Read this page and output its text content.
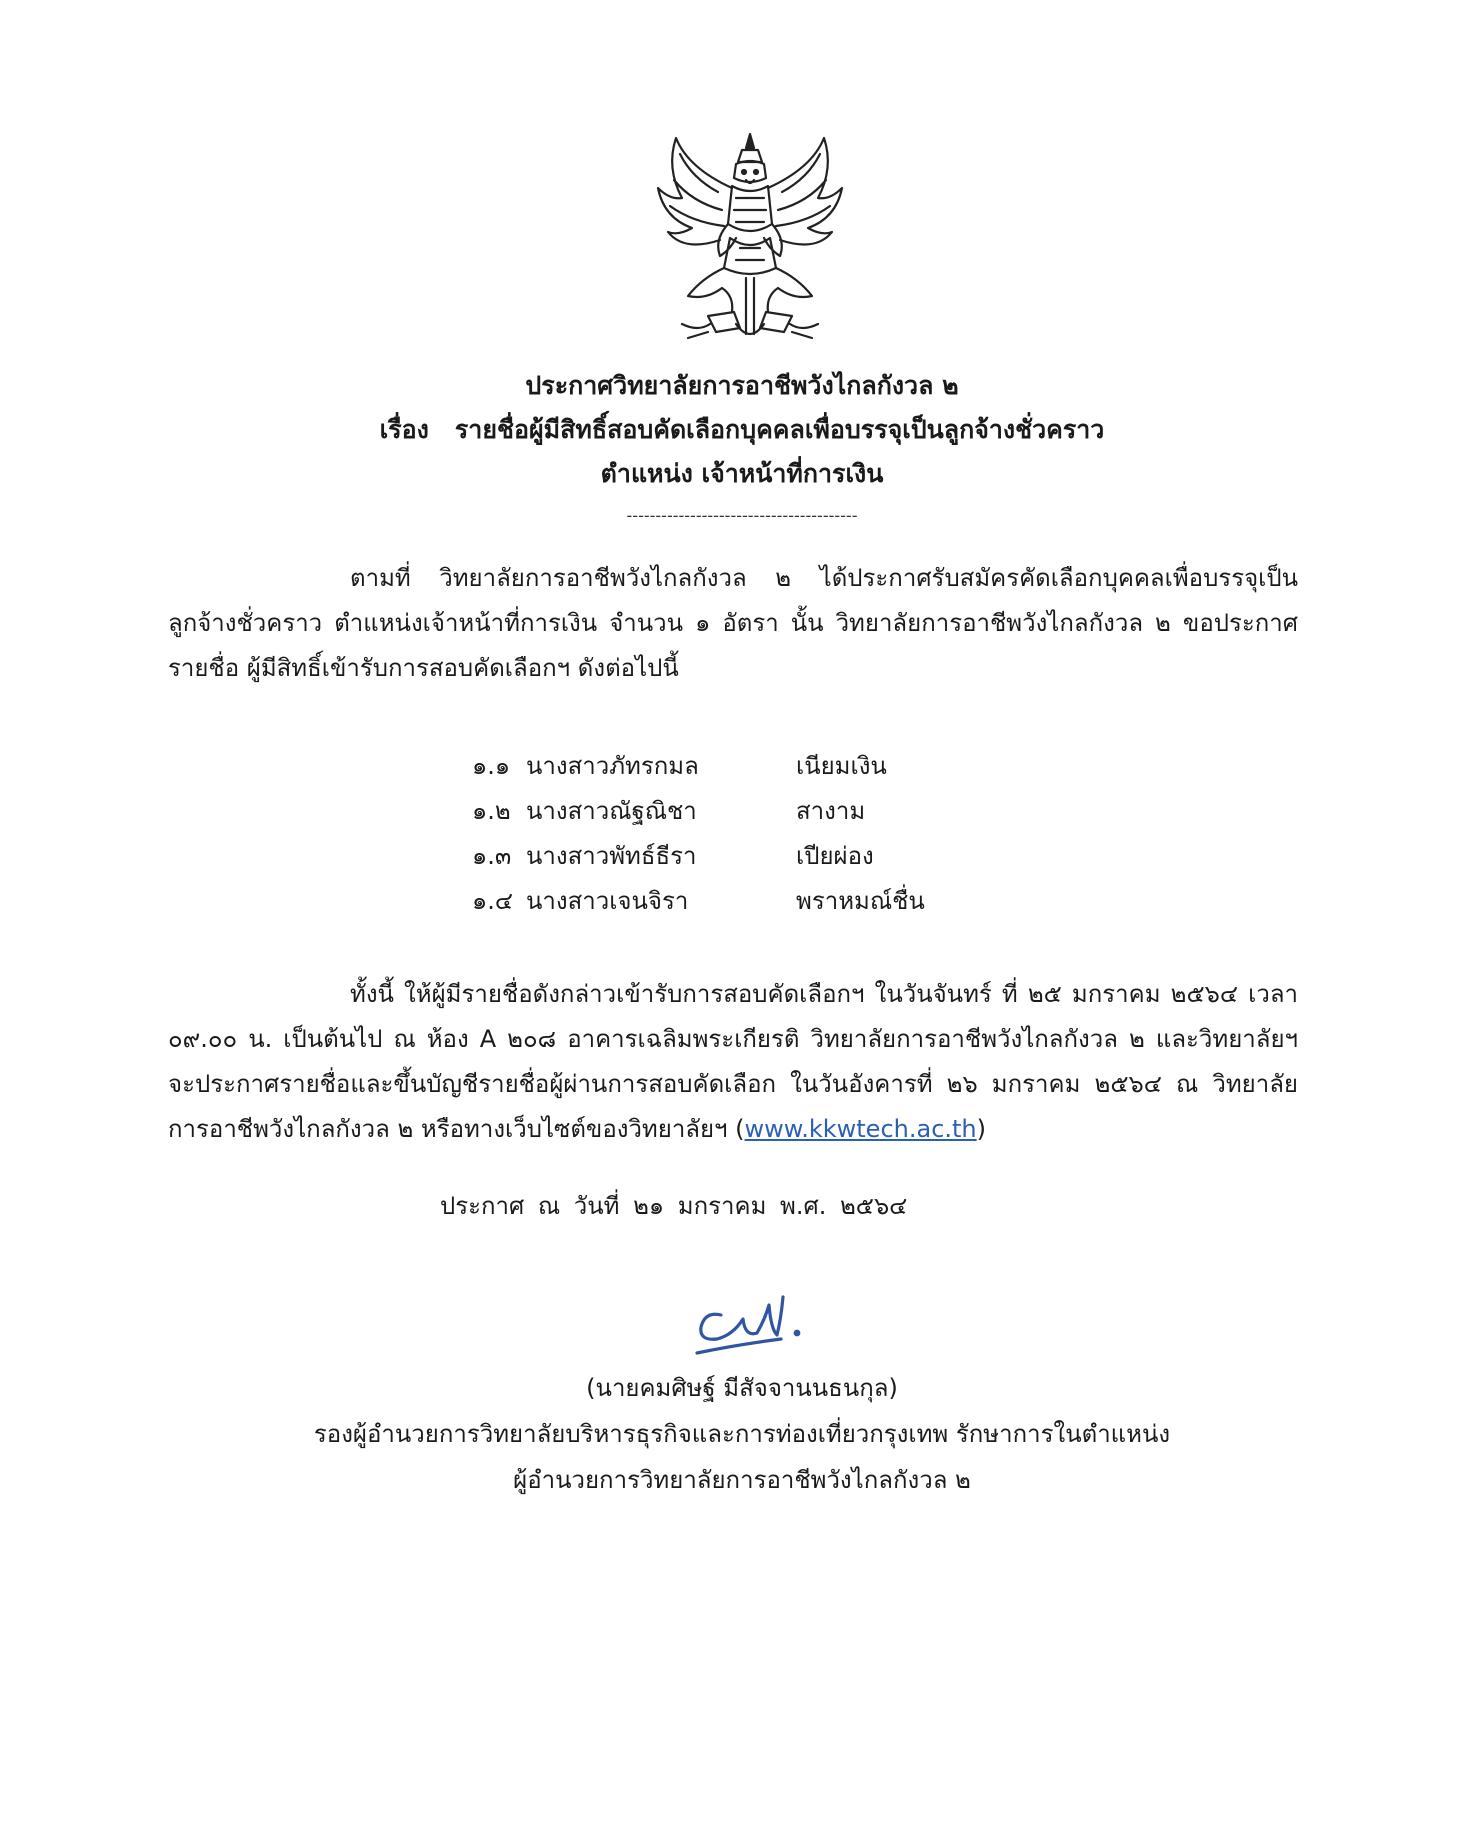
ประกาศวิทยาลัยการอาชีพวังไกลกังวล ๒
เรื่อง รายชื่อผู้มีสิทธิ์สอบคัดเลือกบุคคลเพื่อบรรจุเป็นลูกจ้างชั่วคราว
ตำแหน่ง เจ้าหน้าที่การเงิน
----------------------------------------
ตามที่ วิทยาลัยการอาชีพวังไกลกังวล ๒ ได้ประกาศรับสมัครคัดเลือกบุคคลเพื่อบรรจุเป็น ลูกจ้างชั่วคราว ตำแหน่งเจ้าหน้าที่การเงิน จำนวน ๑ อัตรา นั้น วิทยาลัยการอาชีพวังไกลกังวล ๒ ขอประกาศ รายชื่อ ผู้มีสิทธิ์เข้ารับการสอบคัดเลือกฯ ดังต่อไปนี้
๑.๑ นางสาวภัทรกมล	เนียมเงิน
๑.๒ นางสาวณัฐณิชา	สางาม
๑.๓ นางสาวพัทธ์ธีรา	เปียผ่อง
๑.๔ นางสาวเจนจิรา	พราหมณ์ชื่น
ทั้งนี้ ให้ผู้มีรายชื่อดังกล่าวเข้ารับการสอบคัดเลือกฯ ในวันจันทร์ ที่ ๒๕ มกราคม ๒๕๖๔ เวลา ๐๙.๐๐ น. เป็นต้นไป ณ ห้อง A ๒๐๘ อาคารเฉลิมพระเกียรติ วิทยาลัยการอาชีพวังไกลกังวล ๒ และวิทยาลัยฯ จะประกาศรายชื่อและขึ้นบัญชีรายชื่อผู้ผ่านการสอบคัดเลือก ในวันอังคารที่ ๒๖ มกราคม ๒๕๖๔ ณ วิทยาลัยการอาชีพวังไกลกังวล ๒ หรือทางเว็บไซต์ของวิทยาลัยฯ (www.kkwtech.ac.th)
ประกาศ ณ วันที่ ๒๑ มกราคม พ.ศ. ๒๕๖๔
(นายคมศิษฐ์ มีสัจจานนธนกุล)
รองผู้อำนวยการวิทยาลัยบริหารธุรกิจและการท่องเที่ยวกรุงเทพ รักษาการในตำแหน่ง
ผู้อำนวยการวิทยาลัยการอาชีพวังไกลกังวล ๒
